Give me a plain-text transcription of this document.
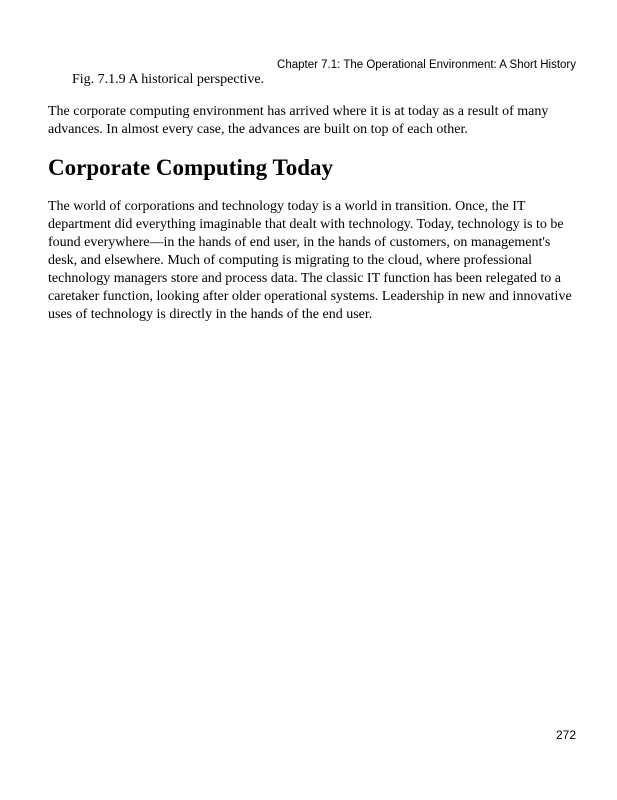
Chapter 7.1: The Operational Environment: A Short History
Fig. 7.1.9 A historical perspective.

The corporate computing environment has arrived where it is at today as a result of many advances. In almost every case, the advances are built on top of each other.

Corporate Computing Today

The world of corporations and technology today is a world in transition. Once, the IT department did everything imaginable that dealt with technology. Today, technology is to be found everywhere—in the hands of end user, in the hands of customers, on management's desk, and elsewhere. Much of computing is migrating to the cloud, where professional technology managers store and process data. The classic IT function has been relegated to a caretaker function, looking after older operational systems. Leadership in new and innovative uses of technology is directly in the hands of the end user.

272
